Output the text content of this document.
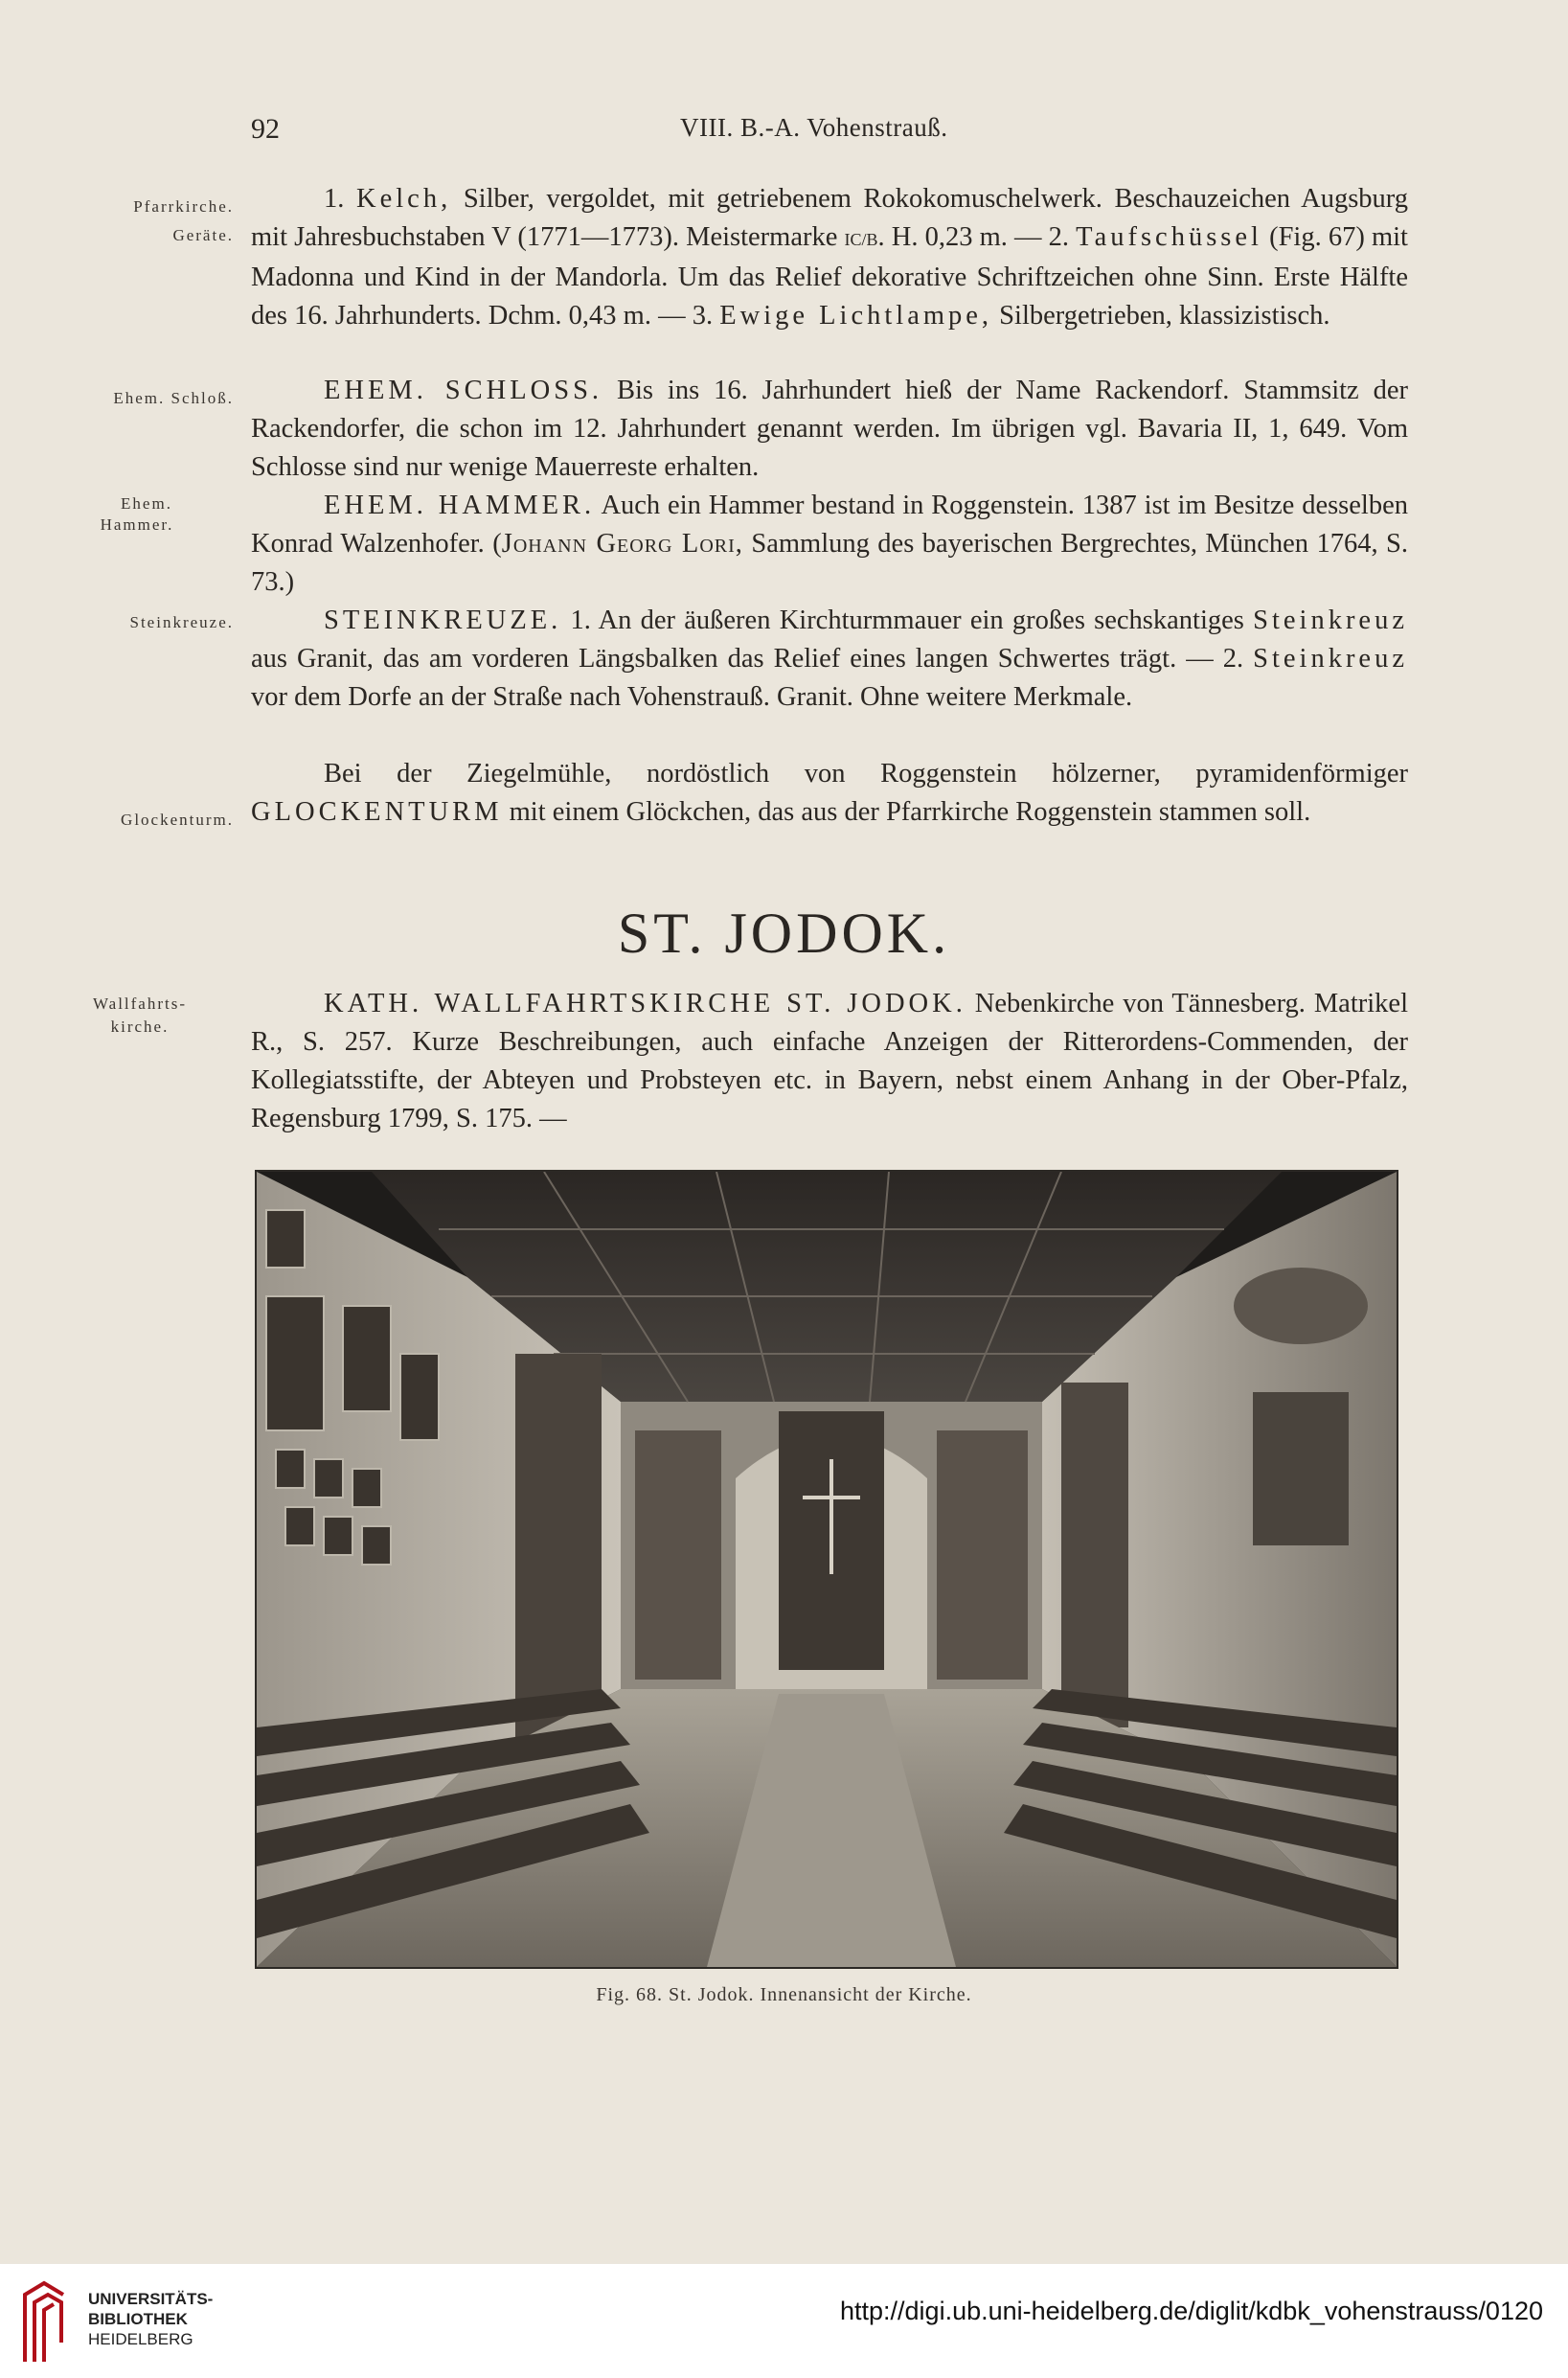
92	VIII. B.-A. Vohenstrauß.
Pfarrkirche.
Geräte.
Ehem. Schloß.
Ehem.
Hammer.
Steinkreuze.
Glockenturm.
Wallfahrts-
kirche.

1. Kelch, Silber, vergoldet, mit getriebenem Rokokomuschelwerk. Beschauzeichen Augsburg mit Jahresbuchstaben V (1771—1773). Meistermarke IC/B. H. 0,23 m. — 2. Taufschüssel (Fig. 67) mit Madonna und Kind in der Mandorla. Um das Relief dekorative Schriftzeichen ohne Sinn. Erste Hälfte des 16. Jahrhunderts. Dchm. 0,43 m. — 3. Ewige Lichtlampe, Silbergetrieben, klassizistisch.

EHEM. SCHLOSS. Bis ins 16. Jahrhundert hieß der Name Rackendorf. Stammsitz der Rackendorfer, die schon im 12. Jahrhundert genannt werden. Im übrigen vgl. Bavaria II, 1, 649. Vom Schlosse sind nur wenige Mauerreste erhalten.

EHEM. HAMMER. Auch ein Hammer bestand in Roggenstein. 1387 ist im Besitze desselben Konrad Walzenhofer. (Johann Georg Lori, Sammlung des bayerischen Bergrechtes, München 1764, S. 73.)

STEINKREUZE. 1. An der äußeren Kirchturmmauer ein großes sechskantiges Steinkreuz aus Granit, das am vorderen Längsbalken das Relief eines langen Schwertes trägt. — 2. Steinkreuz vor dem Dorfe an der Straße nach Vohenstrauß. Granit. Ohne weitere Merkmale.

Bei der Ziegelmühle, nordöstlich von Roggenstein hölzerner, pyramidenförmiger GLOCKENTURM mit einem Glöckchen, das aus der Pfarrkirche Roggenstein stammen soll.

ST. JODOK.

KATH. WALLFAHRTSKIRCHE ST. JODOK. Nebenkirche von Tännesberg. Matrikel R., S. 257. Kurze Beschreibungen, auch einfache Anzeigen der Ritterordens-Commenden, der Kollegiatsstifte, der Abteyen und Probsteyen etc. in Bayern, nebst einem Anhang in der Ober-Pfalz, Regensburg 1799, S. 175. —

Fig. 68. St. Jodok. Innenansicht der Kirche.
UNIVERSITÄTS-
BIBLIOTHEK
HEIDELBERG
http://digi.ub.uni-heidelberg.de/diglit/kdbk_vohenstrauss/0120
